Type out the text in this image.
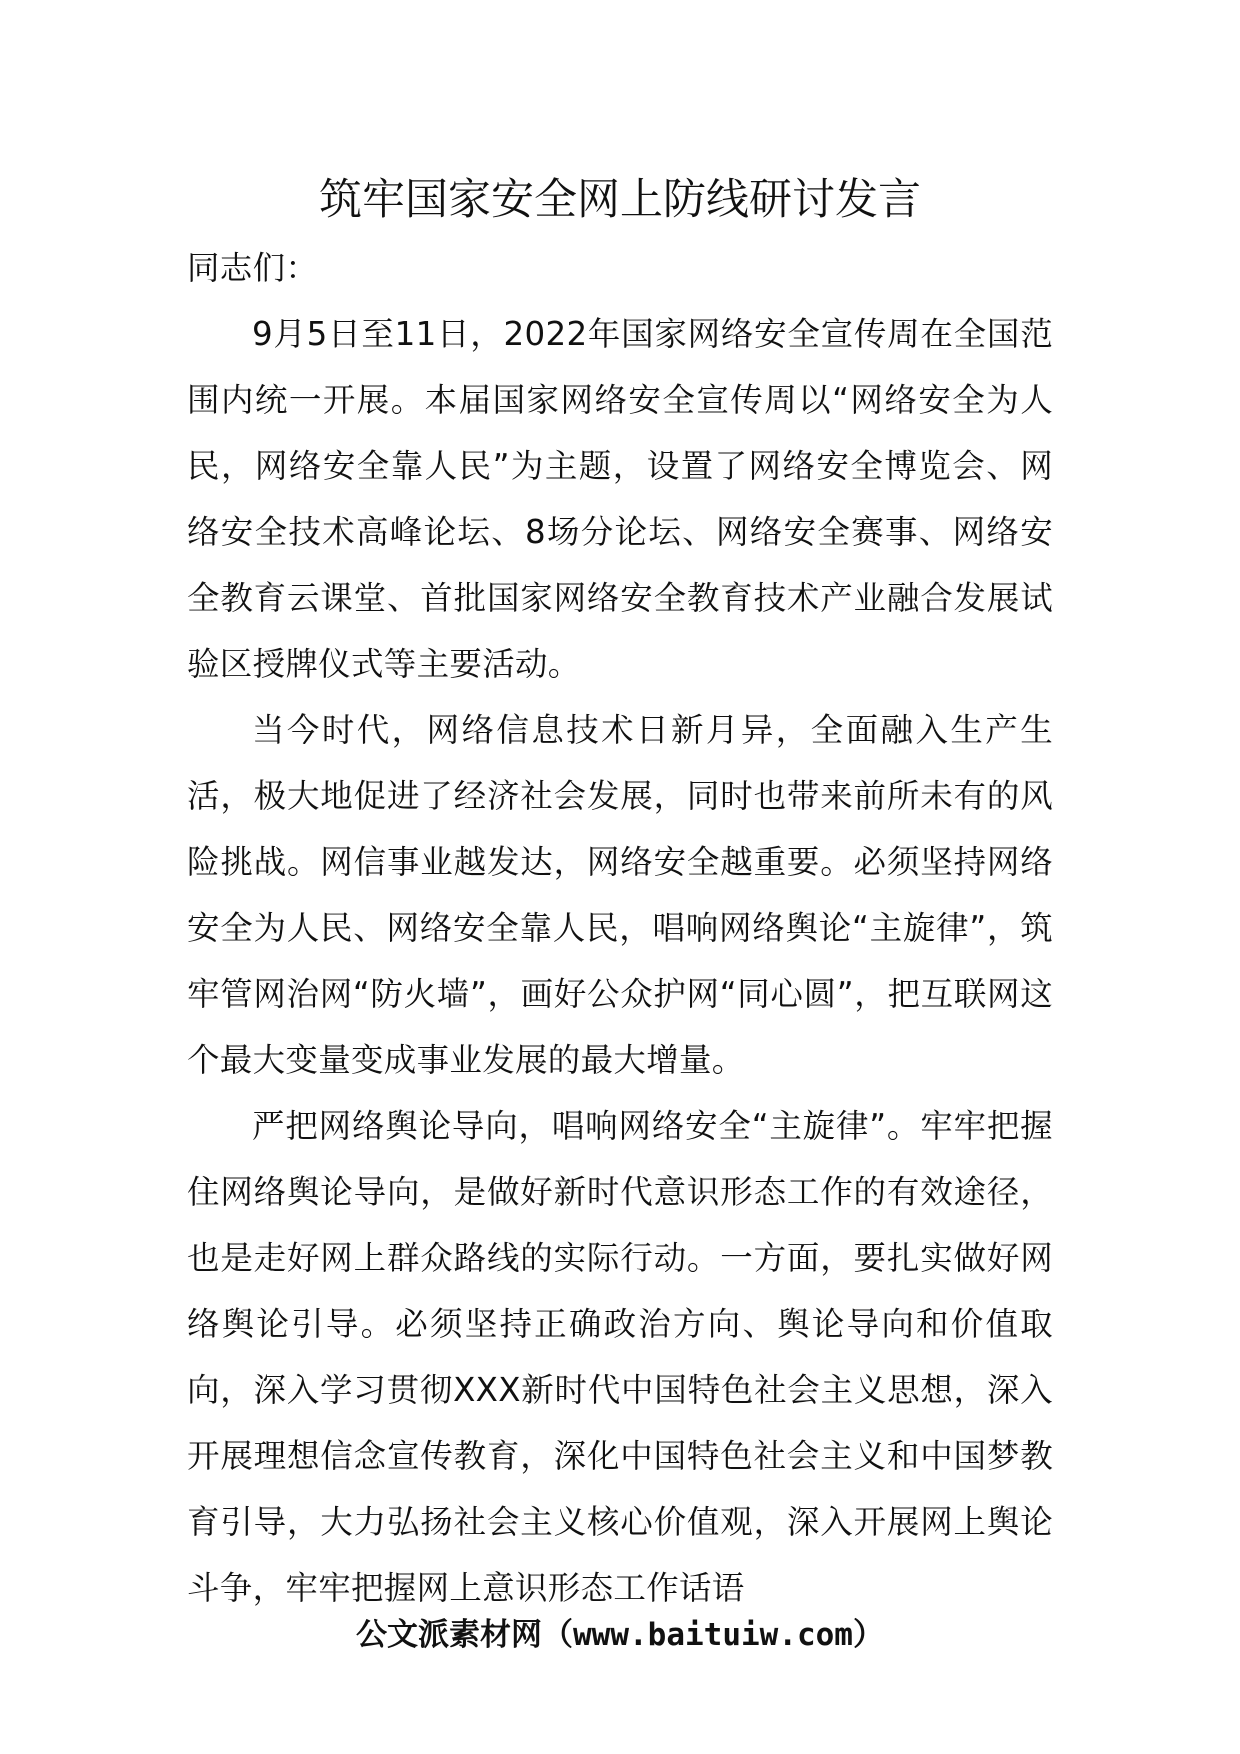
筑牢国家安全网上防线研讨发言

同志们：

9月5日至11日，2022年国家网络安全宣传周在全国范围内统一开展。本届国家网络安全宣传周以“网络安全为人民，网络安全靠人民”为主题，设置了网络安全博览会、网络安全技术高峰论坛、8场分论坛、网络安全赛事、网络安全教育云课堂、首批国家网络安全教育技术产业融合发展试验区授牌仪式等主要活动。

当今时代，网络信息技术日新月异，全面融入生产生活，极大地促进了经济社会发展，同时也带来前所未有的风险挑战。网信事业越发达，网络安全越重要。必须坚持网络安全为人民、网络安全靠人民，唱响网络舆论“主旋律”，筑牢管网治网“防火墙”，画好公众护网“同心圆”，把互联网这个最大变量变成事业发展的最大增量。

严把网络舆论导向，唱响网络安全“主旋律”。牢牢把握住网络舆论导向，是做好新时代意识形态工作的有效途径，也是走好网上群众路线的实际行动。一方面，要扎实做好网络舆论引导。必须坚持正确政治方向、舆论导向和价值取向，深入学习贯彻XXX新时代中国特色社会主义思想，深入开展理想信念宣传教育，深化中国特色社会主义和中国梦教育引导，大力弘扬社会主义核心价值观，深入开展网上舆论斗争，牢牢把握网上意识形态工作话语

公文派素材网（www.baituiw.com）
